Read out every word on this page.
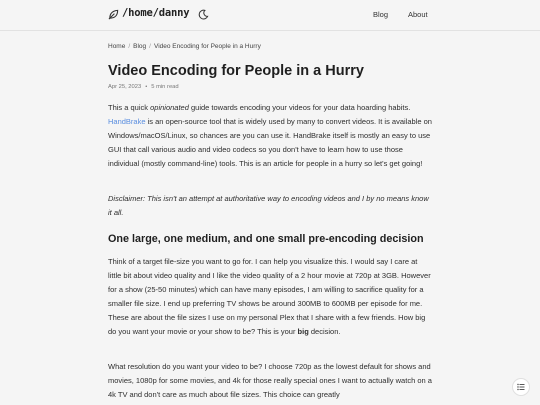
/home/danny	Blog	About
Home / Blog / Video Encoding for People in a Hurry
Video Encoding for People in a Hurry
Apr 25, 2023 • 5 min read

This a quick opinionated guide towards encoding your videos for your data hoarding habits. HandBrake is an open-source tool that is widely used by many to convert videos. It is available on Windows/macOS/Linux, so chances are you can use it. HandBrake itself is mostly an easy to use GUI that call various audio and video codecs so you don't have to learn how to use those individual (mostly command-line) tools. This is an article for people in a hurry so let's get going!

Disclaimer: This isn't an attempt at authoritative way to encoding videos and I by no means know it all.

One large, one medium, and one small pre-encoding decision

Think of a target file-size you want to go for. I can help you visualize this. I would say I care at little bit about video quality and I like the video quality of a 2 hour movie at 720p at 3GB. However for a show (25-50 minutes) which can have many episodes, I am willing to sacrifice quality for a smaller file size. I end up preferring TV shows be around 300MB to 600MB per episode for me. These are about the file sizes I use on my personal Plex that I share with a few friends. How big do you want your movie or your show to be? This is your big decision.

What resolution do you want your video to be? I choose 720p as the lowest default for shows and movies, 1080p for some movies, and 4k for those really special ones I want to actually watch on a 4k TV and don't care as much about file sizes. This choice can greatly
